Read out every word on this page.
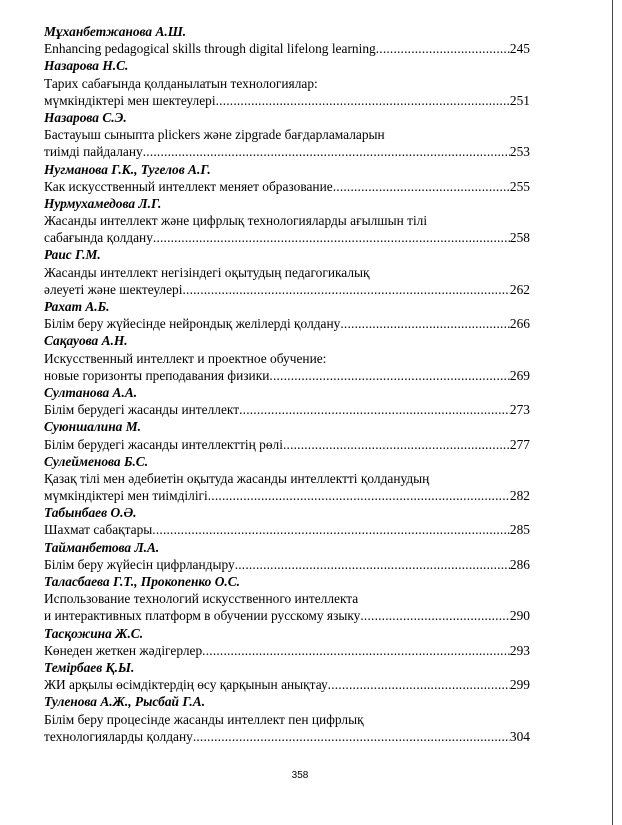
Мұханбетжанова А.Ш.
Enhancing pedagogical skills through digital lifelong learning .....	245
Назарова Н.С.
Тарих сабағында қолданылатын технологиялар:
мүмкіндіктері мен шектеулері .....	251
Назарова С.Э.
Бастауыш сыныпта plickers және zipgrade бағдарламаларын
тиімді пайдалану .....	253
Нугманова Г.К., Тугелов А.Г.
Как искусственный интеллект меняет образование .....	255
Нурмухамедова Л.Г.
Жасанды интеллект және цифрлық технологияларды ағылшын тілі
сабағында қолдану .....	258
Раис Г.М.
Жасанды интеллект негізіндегі оқытудың педагогикалық
әлеуеті және шектеулері .....	262
Рахат А.Б.
Білім беру жүйесінде нейрондық желілерді қолдану .....	266
Сақауова А.Н.
Искусственный интеллект и проектное обучение:
новые горизонты преподавания физики .....	269
Султанова А.А.
Білім берудегі жасанды интеллект .....	273
Суюншалина М.
Білім берудегі жасанды интеллекттің рөлі .....	277
Сулейменова Б.С.
Қазақ тілі мен әдебиетін оқытуда жасанды интеллектті қолданудың
мүмкіндіктері мен тиімділігі .....	282
Табынбаев О.Ә.
Шахмат сабақтары .....	285
Тайманбетова Л.А.
Білім беру жүйесін цифрландыру .....	286
Таласбаева Г.Т., Прокопенко О.С.
Использование технологий искусственного интеллекта
и интерактивных платформ в обучении русскому языку .....	290
Тасқожина Ж.С.
Көнеден жеткен жәдігерлер .....	293
Темірбаев Қ.Ы.
ЖИ арқылы өсімдіктердің өсу қарқынын анықтау .....	299
Туленова А.Ж., Рысбай Г.А.
Білім беру процесінде жасанды интеллект пен цифрлық
технологияларды қолдану .....	304
358
